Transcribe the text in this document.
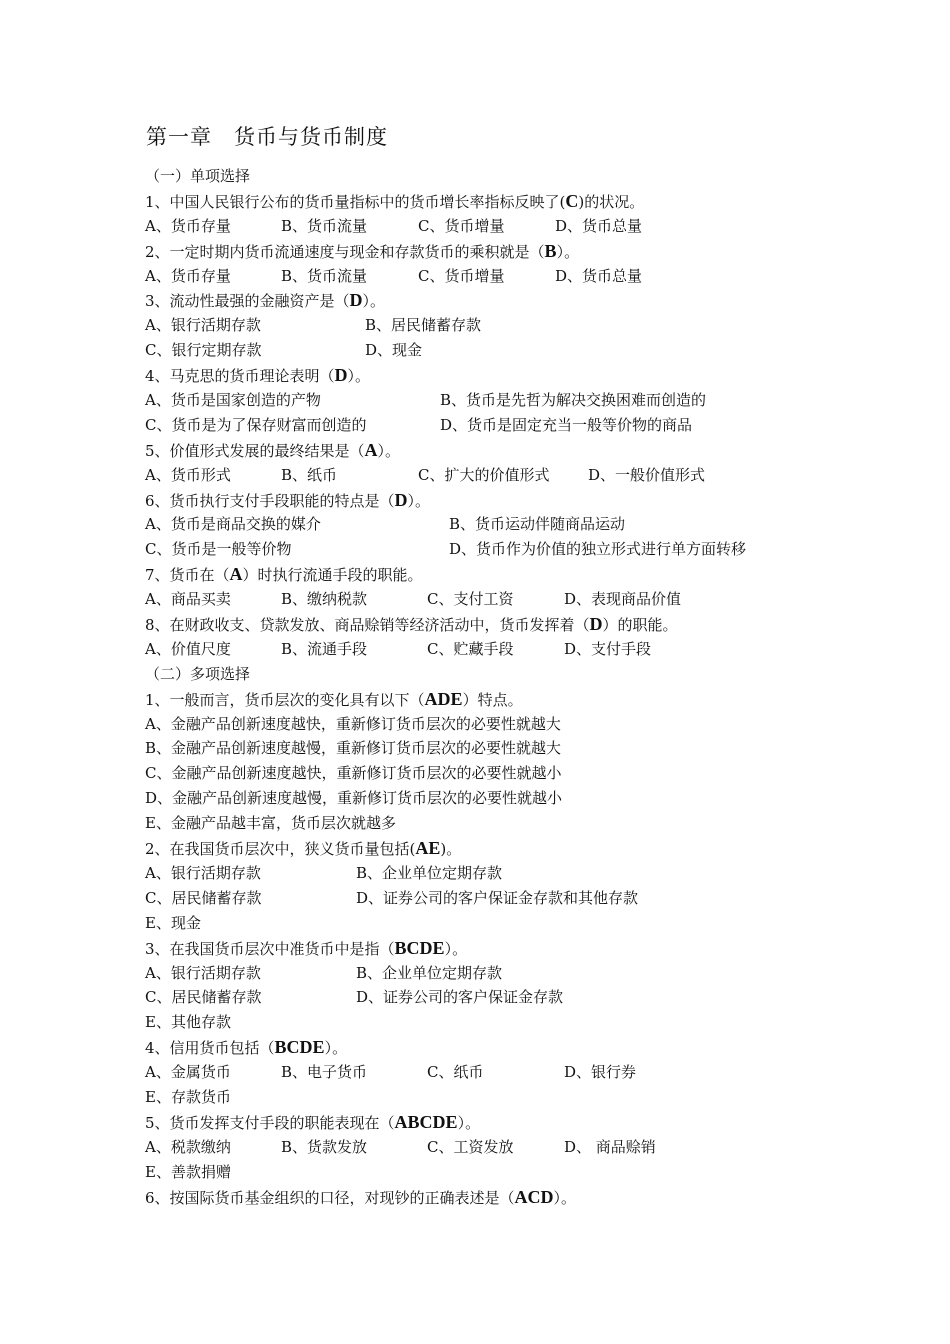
第一章 货币与货币制度
（一）单项选择
1、中国人民银行公布的货币量指标中的货币增长率指标反映了(C)的状况。
A、货币存量	B、货币流量	C、货币增量	D、货币总量
2、一定时期内货币流通速度与现金和存款货币的乘积就是（B）。
A、货币存量	B、货币流量	C、货币增量	D、货币总量
3、流动性最强的金融资产是（D）。
A、银行活期存款	B、居民储蓄存款
C、银行定期存款	D、现金
4、马克思的货币理论表明（D）。
A、货币是国家创造的产物	B、货币是先哲为解决交换困难而创造的
C、货币是为了保存财富而创造的	D、货币是固定充当一般等价物的商品
5、价值形式发展的最终结果是（A）。
A、货币形式	B、纸币	C、扩大的价值形式	D、一般价值形式
6、货币执行支付手段职能的特点是（D）。
A、货币是商品交换的媒介	B、货币运动伴随商品运动
C、货币是一般等价物	D、货币作为价值的独立形式进行单方面转移
7、货币在（A）时执行流通手段的职能。
A、商品买卖	B、缴纳税款	C、支付工资	D、表现商品价值
8、在财政收支、贷款发放、商品赊销等经济活动中，货币发挥着（D）的职能。
A、价值尺度	B、流通手段	C、贮藏手段	D、支付手段
（二）多项选择
1、一般而言，货币层次的变化具有以下（ADE）特点。
A、金融产品创新速度越快，重新修订货币层次的必要性就越大
B、金融产品创新速度越慢，重新修订货币层次的必要性就越大
C、金融产品创新速度越快，重新修订货币层次的必要性就越小
D、金融产品创新速度越慢，重新修订货币层次的必要性就越小
E、金融产品越丰富，货币层次就越多
2、在我国货币层次中，狭义货币量包括(AE)。
A、银行活期存款	B、企业单位定期存款
C、居民储蓄存款	D、证券公司的客户保证金存款和其他存款
E、现金
3、在我国货币层次中准货币中是指（BCDE）。
A、银行活期存款	B、企业单位定期存款
C、居民储蓄存款	D、证券公司的客户保证金存款
E、其他存款
4、信用货币包括（BCDE）。
A、金属货币	B、电子货币	C、纸币	D、银行券
E、存款货币
5、货币发挥支付手段的职能表现在（ABCDE）。
A、税款缴纳	B、货款发放	C、工资发放	D、 商品赊销
E、善款捐赠
6、按国际货币基金组织的口径，对现钞的正确表述是（ACD）。
